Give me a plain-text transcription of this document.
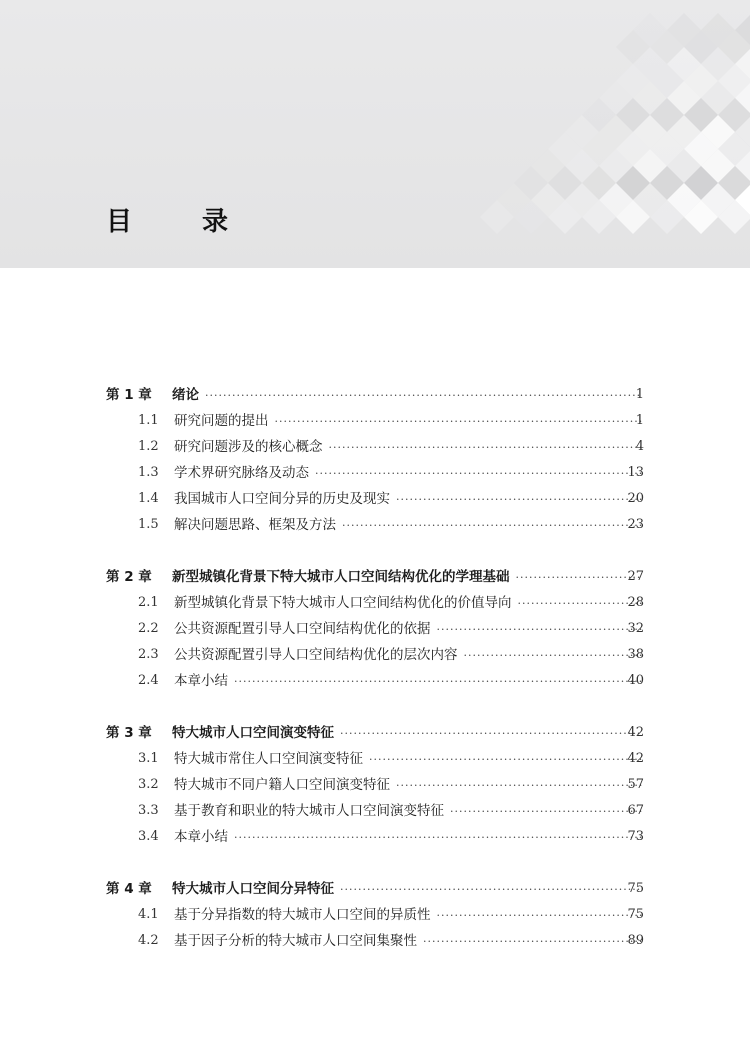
目　录
第 1 章 绪论 ·····	1
1.1 研究问题的提出 ·····	1
1.2 研究问题涉及的核心概念 ·····	4
1.3 学术界研究脉络及动态 ·····	13
1.4 我国城市人口空间分异的历史及现实 ·····	20
1.5 解决问题思路、框架及方法 ·····	23
第 2 章 新型城镇化背景下特大城市人口空间结构优化的学理基础 ·····	27
2.1 新型城镇化背景下特大城市人口空间结构优化的价值导向 ·····	28
2.2 公共资源配置引导人口空间结构优化的依据 ·····	32
2.3 公共资源配置引导人口空间结构优化的层次内容 ·····	38
2.4 本章小结 ·····	40
第 3 章 特大城市人口空间演变特征 ·····	42
3.1 特大城市常住人口空间演变特征 ·····	42
3.2 特大城市不同户籍人口空间演变特征 ·····	57
3.3 基于教育和职业的特大城市人口空间演变特征 ·····	67
3.4 本章小结 ·····	73
第 4 章 特大城市人口空间分异特征 ·····	75
4.1 基于分异指数的特大城市人口空间的异质性 ·····	75
4.2 基于因子分析的特大城市人口空间集聚性 ·····	89
